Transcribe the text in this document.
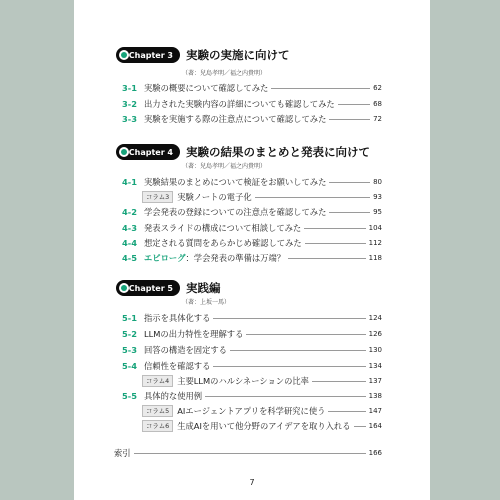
Chapter 3 実験の実施に向けて
（著：兒島孝明／福之内貴明）
3-1 実験の概要について確認してみた	62
3-2 出力された実験内容の詳細についても確認してみた	68
3-3 実験を実施する際の注意点について確認してみた	72
Chapter 4 実験の結果のまとめと発表に向けて
（著：兒島孝明／福之内貴明）
4-1 実験結果のまとめについて検証をお願いしてみた	80
コラム3 実験ノートの電子化	93
4-2 学会発表の登録についての注意点を確認してみた	95
4-3 発表スライドの構成について相談してみた	104
4-4 想定される質問をあらかじめ確認してみた	112
4-5 エピローグ ：学会発表の準備は万端？	118
Chapter 5 実践編
（著：上坂一馬）
5-1 指示を具体化する	124
5-2 LLMの出力特性を理解する	126
5-3 回答の構造を固定する	130
5-4 信頼性を確認する	134
コラム4 主要LLMのハルシネーションの比率	137
5-5 具体的な使用例	138
コラム5 AIエージェントアプリを科学研究に使う	147
コラム6 生成AIを用いて他分野のアイデアを取り入れる	164
索引	166
7
